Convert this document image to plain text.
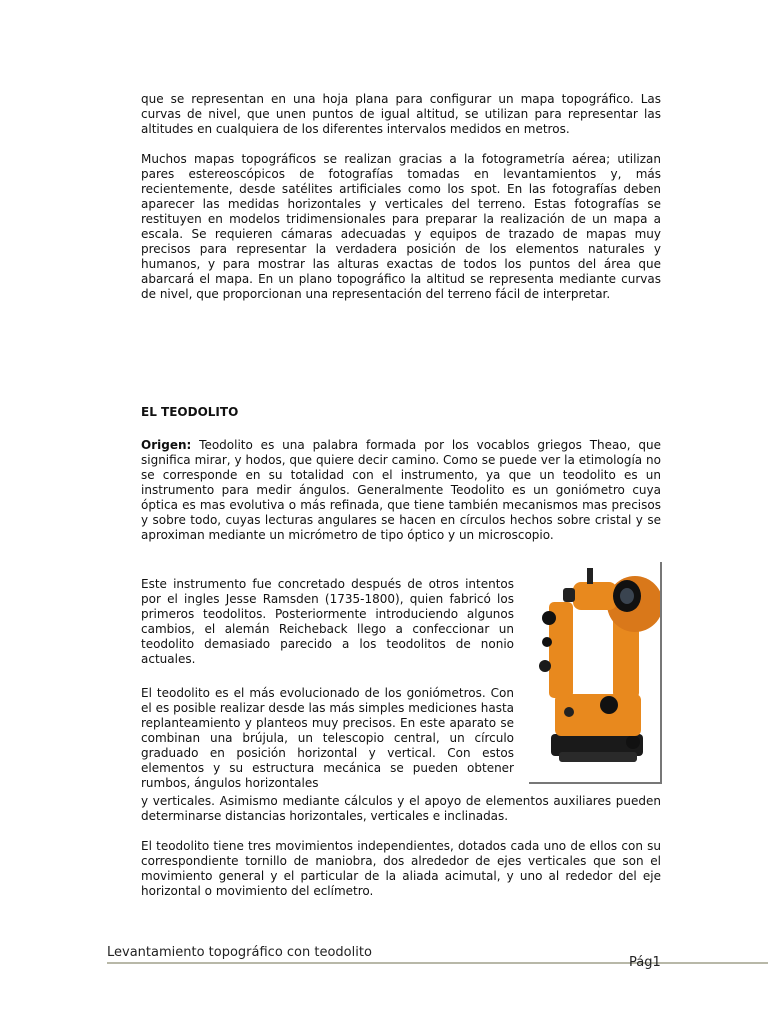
que se representan en una hoja plana para configurar un mapa topográfico. Las curvas de nivel, que unen puntos de igual altitud, se utilizan para representar las altitudes en cualquiera de los diferentes intervalos medidos en metros.

Muchos mapas topográficos se realizan gracias a la fotogrametría aérea; utilizan pares estereoscópicos de fotografías tomadas en levantamientos y, más recientemente, desde satélites artificiales como los spot. En las fotografías deben aparecer las medidas horizontales y verticales del terreno. Estas fotografías se restituyen en modelos tridimensionales para preparar la realización de un mapa a escala. Se requieren cámaras adecuadas y equipos de trazado de mapas muy precisos para representar la verdadera posición de los elementos naturales y humanos, y para mostrar las alturas exactas de todos los puntos del área que abarcará el mapa. En un plano topográfico la altitud se representa mediante curvas de nivel, que proporcionan una representación del terreno fácil de interpretar.

EL TEODOLITO

Origen: Teodolito es una palabra formada por los vocablos griegos Theao, que significa mirar, y hodos, que quiere decir camino. Como se puede ver la etimología no se corresponde en su totalidad con el instrumento, ya que un teodolito es un instrumento para medir ángulos. Generalmente Teodolito es un goniómetro cuya óptica es mas evolutiva o más refinada, que tiene también mecanismos mas precisos y sobre todo, cuyas lecturas angulares se hacen en círculos hechos sobre cristal y se aproximan mediante un micrómetro de tipo óptico y un microscopio.

Este instrumento fue concretado después de otros intentos por el ingles Jesse Ramsden (1735-1800), quien fabricó los primeros teodolitos. Posteriormente introduciendo algunos cambios, el alemán Reicheback llego a confeccionar un teodolito demasiado parecido a los teodolitos de nonio actuales.

El teodolito es el más evolucionado de los goniómetros. Con el es posible realizar desde las más simples mediciones hasta replanteamiento y planteos muy precisos. En este aparato se combinan una brújula, un telescopio central, un círculo graduado en posición horizontal y vertical. Con estos elementos y su estructura mecánica se pueden obtener rumbos, ángulos horizontales

y verticales. Asimismo mediante cálculos y el apoyo de elementos auxiliares pueden determinarse distancias horizontales, verticales e inclinadas.

El teodolito tiene tres movimientos independientes, dotados cada uno de ellos con su correspondiente tornillo de maniobra, dos alrededor de ejes verticales que son el movimiento general y el particular de la aliada acimutal, y uno al rededor del eje horizontal o movimiento del eclímetro.

Levantamiento topográfico con teodolito
Pág1
